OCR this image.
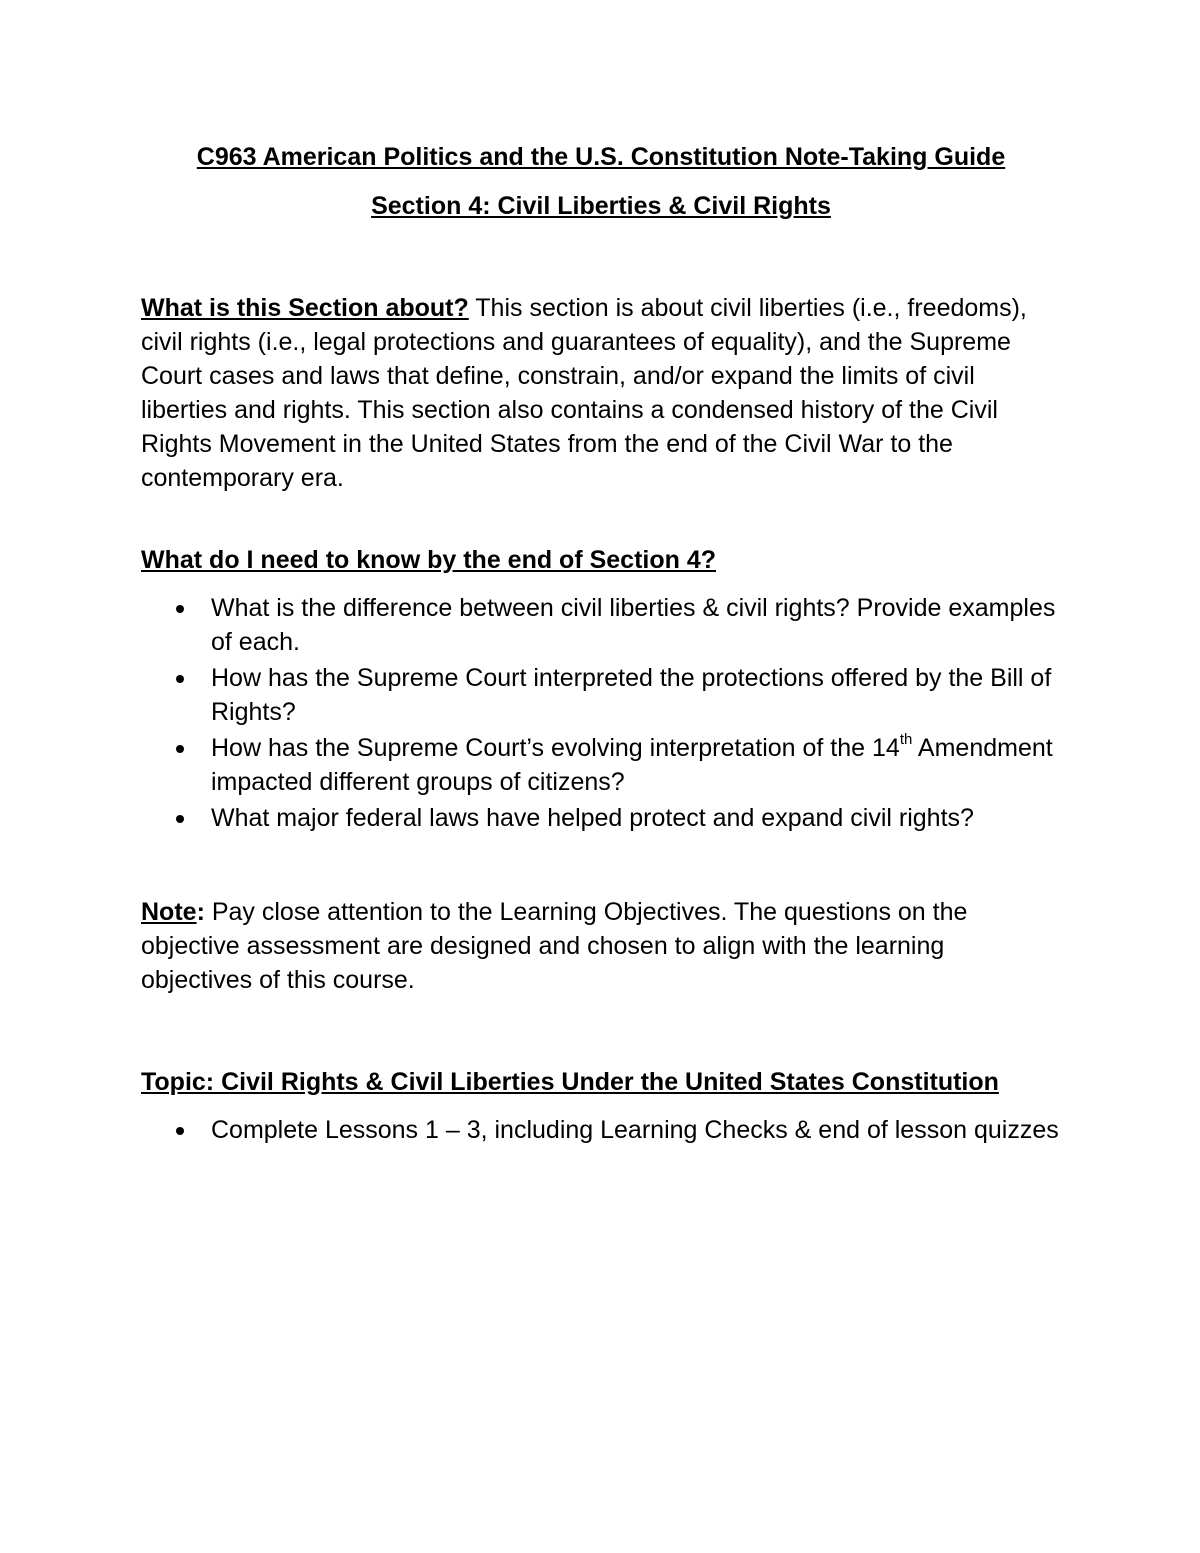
C963 American Politics and the U.S. Constitution Note-Taking Guide

Section 4: Civil Liberties & Civil Rights

What is this Section about? This section is about civil liberties (i.e., freedoms), civil rights (i.e., legal protections and guarantees of equality), and the Supreme Court cases and laws that define, constrain, and/or expand the limits of civil liberties and rights. This section also contains a condensed history of the Civil Rights Movement in the United States from the end of the Civil War to the contemporary era.

What do I need to know by the end of Section 4?

What is the difference between civil liberties & civil rights? Provide examples of each.
How has the Supreme Court interpreted the protections offered by the Bill of Rights?
How has the Supreme Court’s evolving interpretation of the 14th Amendment impacted different groups of citizens?
What major federal laws have helped protect and expand civil rights?

Note: Pay close attention to the Learning Objectives. The questions on the objective assessment are designed and chosen to align with the learning objectives of this course.

Topic: Civil Rights & Civil Liberties Under the United States Constitution

Complete Lessons 1 – 3, including Learning Checks & end of lesson quizzes
